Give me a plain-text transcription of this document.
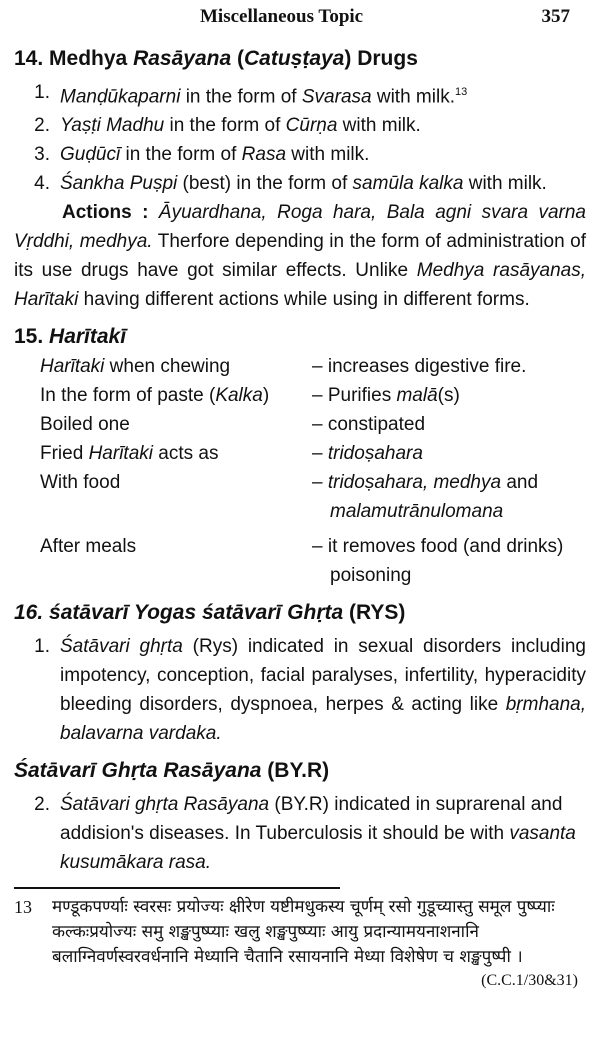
Miscellaneous Topic	357
14. Medhya Rasāyana (Catuṣṭaya) Drugs
1. Manḍūkaparni in the form of Svarasa with milk.$^{13}$
2. Yaṣṭi Madhu in the form of Cūrṇa with milk.
3. Guḍūcī in the form of Rasa with milk.
4. Śankha Puṣpi (best) in the form of samūla kalka with milk.

Actions : Āyuardhana, Roga hara, Bala agni svara varna Vṛddhi, medhya. Therfore depending in the form of administration of its use drugs have got similar effects. Unlike Medhya rasāyanas, Harītaki having different actions while using in different forms.

15. Harītakī
Harītaki when chewing	– increases digestive fire.
In the form of paste (Kalka)	– Purifies malā(s)
Boiled one	– constipated
Fried Harītaki acts as	– tridoṣahara
With food	– tridoṣahara, medhya and
malamutrānulomana
After meals	– it removes food (and drinks)
poisoning
16. śatāvarī Yogas śatāvarī Ghṛta (RYS)
1. Śatāvari ghṛta (Rys) indicated in sexual disorders including impotency, conception, facial paralyses, infertility, hyperacidity bleeding disorders, dyspnoea, herpes & acting like bṛmhana, balavarna vardaka.
Śatāvarī Ghṛta Rasāyana (BY.R)
2. Śatāvari ghṛta Rasāyana (BY.R) indicated in suprarenal and addision's diseases. In Tuberculosis it should be with vasanta kusumākara rasa.
13	मण्डूकपर्ण्याः स्वरसः प्रयोज्यः क्षीरेण यष्टीमधुकस्य चूर्णम् रसो गुडूच्यास्तु समूल पुष्प्याः कल्कःप्रयोज्यः समु शङ्खपुष्प्याः खलु शङ्खपुष्प्याः आयु प्रदान्यामयनाशनानि बलाग्निवर्णस्वरवर्धनानि मेध्यानि चैतानि रसायनानि मेध्या विशेषेण च शङ्खपुष्पी ।
(C.C.1/30&31)
